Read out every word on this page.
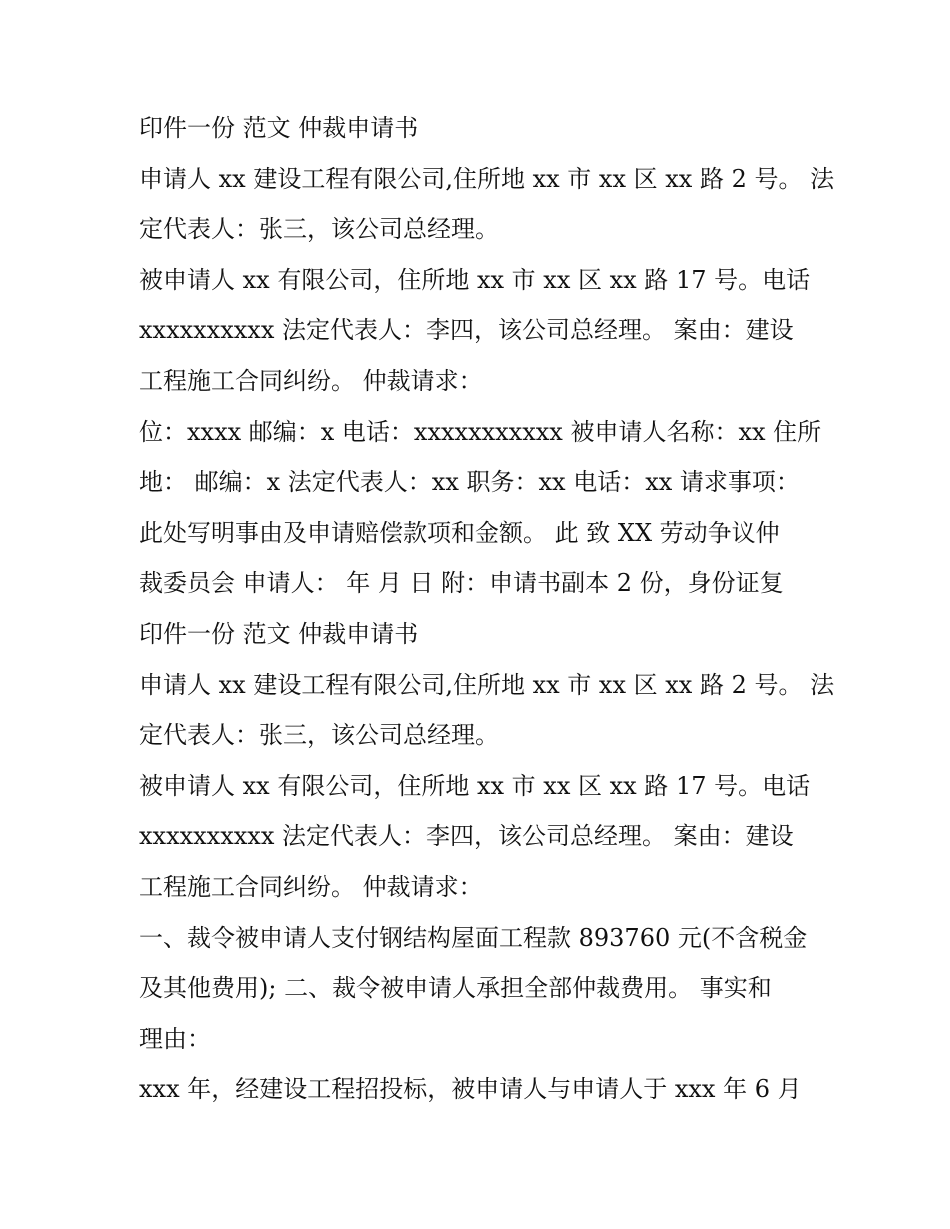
印件一份 范文 仲裁申请书

申请人 xx 建设工程有限公司,住所地 xx 市 xx 区 xx 路 2 号。 法

定代表人：张三，该公司总经理。

被申请人 xx 有限公司，住所地 xx 市 xx 区 xx 路 17 号。电话

xxxxxxxxxx 法定代表人：李四，该公司总经理。 案由：建设

工程施工合同纠纷。 仲裁请求：

位：xxxx 邮编：x 电话：xxxxxxxxxxx 被申请人名称：xx 住所

地： 邮编：x 法定代表人：xx 职务：xx 电话：xx 请求事项：

此处写明事由及申请赔偿款项和金额。 此 致 XX 劳动争议仲

裁委员会 申请人： 年 月 日 附：申请书副本 2 份，身份证复

印件一份 范文 仲裁申请书

申请人 xx 建设工程有限公司,住所地 xx 市 xx 区 xx 路 2 号。 法

定代表人：张三，该公司总经理。

被申请人 xx 有限公司，住所地 xx 市 xx 区 xx 路 17 号。电话

xxxxxxxxxx 法定代表人：李四，该公司总经理。 案由：建设

工程施工合同纠纷。 仲裁请求：

一、裁令被申请人支付钢结构屋面工程款 893760 元(不含税金

及其他费用); 二、裁令被申请人承担全部仲裁费用。 事实和

理由：

xxx 年，经建设工程招投标，被申请人与申请人于 xxx 年 6 月
